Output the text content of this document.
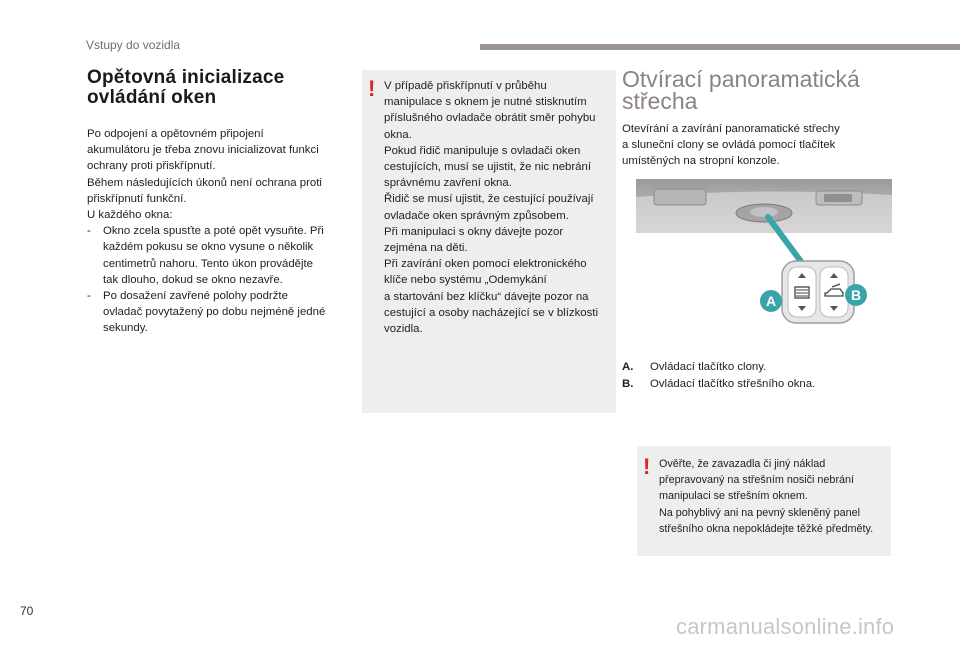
Vstupy do vozidla
Opětovná inicializace
ovládání oken
Po odpojení a opětovném připojení
akumulátoru je třeba znovu inicializovat funkci
ochrany proti přiskřípnutí.
Během následujících úkonů není ochrana proti
přiskřípnutí funkční.
U každého okna:
- Okno zcela spusťte a poté opět vysuňte. Při
každém pokusu se okno vysune o několik
centimetrů nahoru. Tento úkon provádějte
tak dlouho, dokud se okno nezavře.
- Po dosažení zavřené polohy podržte
ovladač povytažený po dobu nejméně jedné
sekundy.
! V případě přiskřípnutí v průběhu
manipulace s oknem je nutné stisknutím
příslušného ovladače obrátit směr pohybu
okna.
Pokud řidič manipuluje s ovladači oken
cestujících, musí se ujistit, že nic nebrání
správnému zavření okna.
Řidič se musí ujistit, že cestující používají
ovladače oken správným způsobem.
Při manipulaci s okny dávejte pozor
zejména na děti.
Při zavírání oken pomocí elektronického
klíče nebo systému „Odemykání
a startování bez klíčku“ dávejte pozor na
cestující a osoby nacházející se v blízkosti
vozidla.
Otvírací panoramatická
střecha
Otevírání a zavírání panoramatické střechy
a sluneční clony se ovládá pomocí tlačítek
umístěných na stropní konzole.
A	B
A. Ovládací tlačítko clony.
B. Ovládací tlačítko střešního okna.
! Ověřte, že zavazadla či jiný náklad
přepravovaný na střešním nosiči nebrání
manipulaci se střešním oknem.
Na pohyblivý ani na pevný skleněný panel
střešního okna nepokládejte těžké předměty.
70
carmanualsonline.info
